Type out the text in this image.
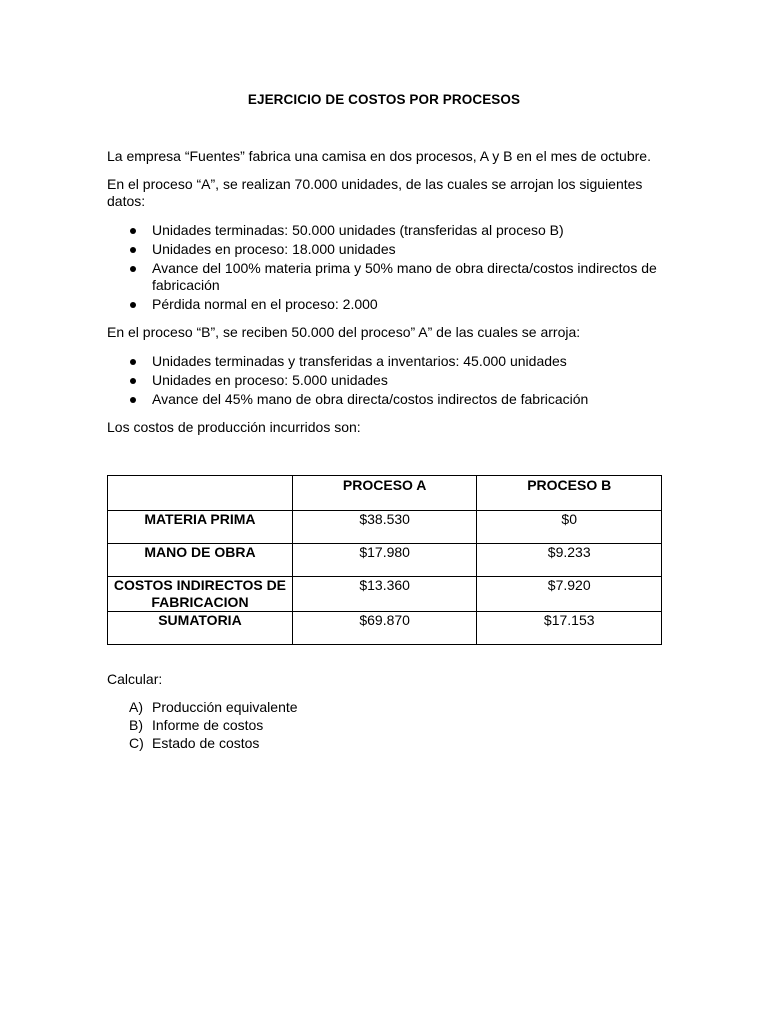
EJERCICIO DE COSTOS POR PROCESOS
La empresa “Fuentes” fabrica una camisa en dos procesos, A y B en el mes de octubre.
En el proceso “A”, se realizan 70.000 unidades, de las cuales se arrojan los siguientes
datos:
Unidades terminadas: 50.000 unidades (transferidas al proceso B)
Unidades en proceso: 18.000 unidades
Avance del 100% materia prima y 50% mano de obra directa/costos indirectos de
fabricación
Pérdida normal en el proceso: 2.000
En el proceso “B”, se reciben 50.000 del proceso” A” de las cuales se arroja:
Unidades terminadas y transferidas a inventarios: 45.000 unidades
Unidades en proceso: 5.000 unidades
Avance del 45% mano de obra directa/costos indirectos de fabricación
Los costos de producción incurridos son:
	PROCESO A	PROCESO B
MATERIA PRIMA	$38.530	$0
MANO DE OBRA	$17.980	$9.233

COSTOS INDIRECTOS DE
FABRICACION	$13.360	$7.920
SUMATORIA	$69.870	$17.153
Calcular:
A) Producción equivalente
B) Informe de costos
C) Estado de costos
